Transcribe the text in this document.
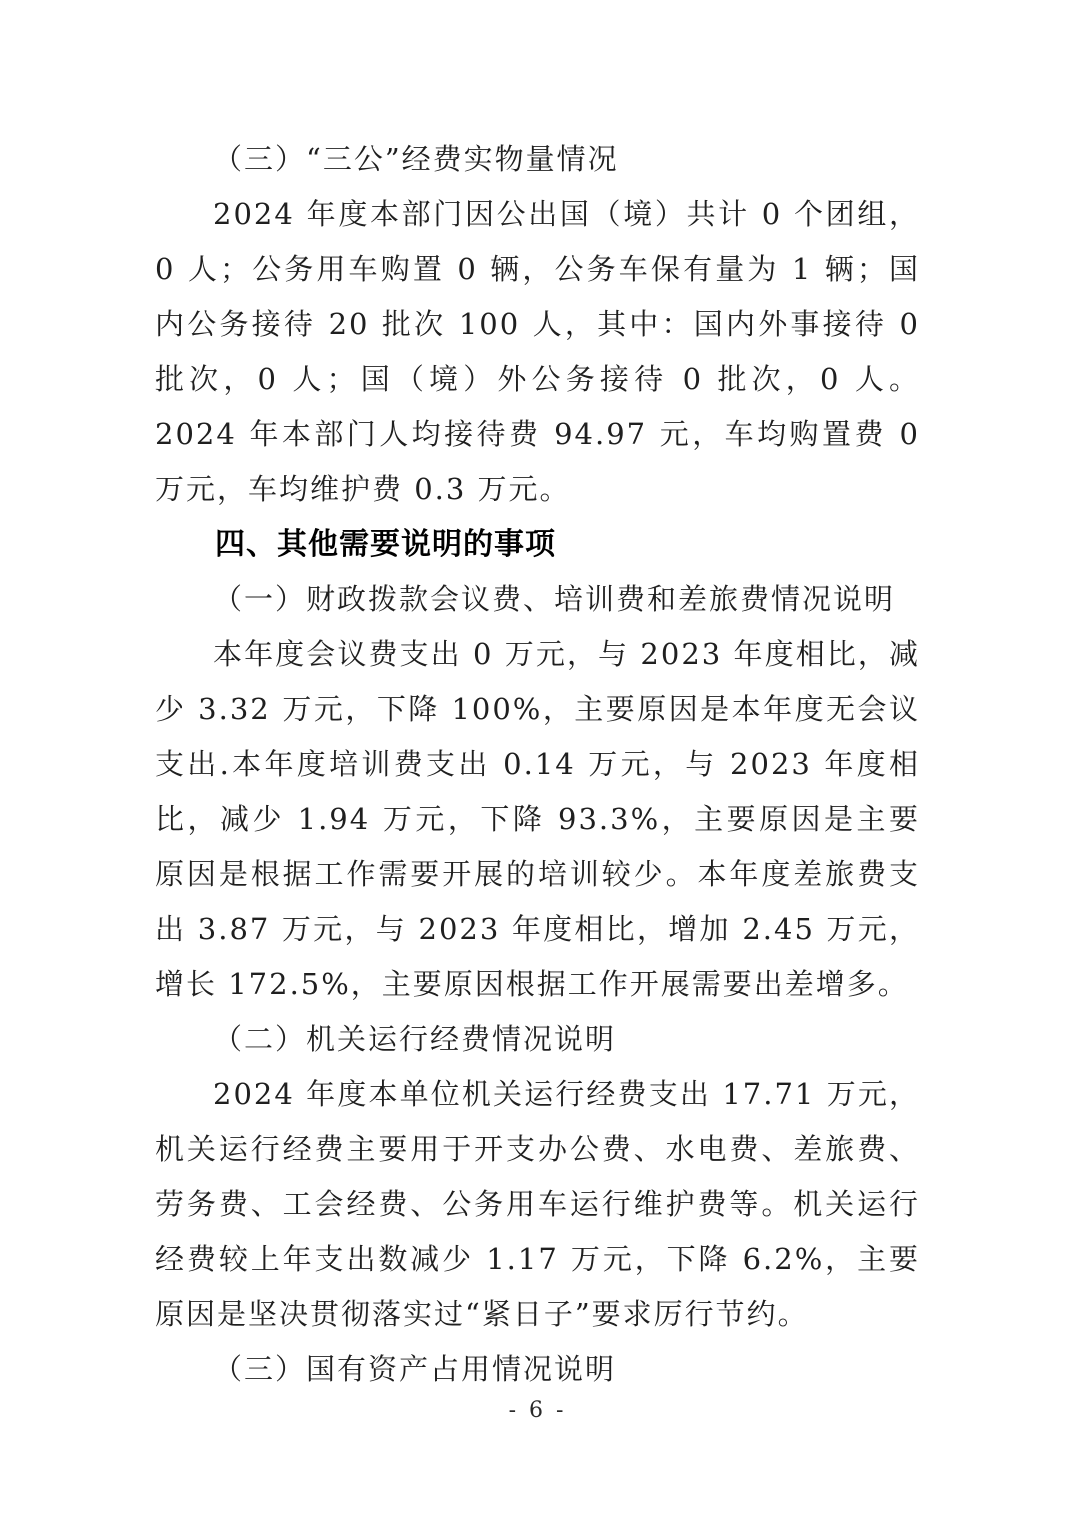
（三）“三公”经费实物量情况

2024 年度本部门因公出国（境）共计 0 个团组，0 人；公务用车购置 0 辆，公务车保有量为 1 辆；国内公务接待 20 批次 100 人，其中：国内外事接待 0 批次，0 人；国（境）外公务接待 0 批次，0 人。2024 年本部门人均接待费 94.97 元，车均购置费 0 万元，车均维护费 0.3 万元。

四、其他需要说明的事项

（一）财政拨款会议费、培训费和差旅费情况说明

本年度会议费支出 0 万元，与 2023 年度相比，减少 3.32 万元，下降 100%，主要原因是本年度无会议支出.本年度培训费支出 0.14 万元，与 2023 年度相比，减少 1.94 万元，下降 93.3%，主要原因是主要原因是根据工作需要开展的培训较少。本年度差旅费支出 3.87 万元，与 2023 年度相比，增加 2.45 万元，增长 172.5%，主要原因根据工作开展需要出差增多。

（二）机关运行经费情况说明

2024 年度本单位机关运行经费支出 17.71 万元，机关运行经费主要用于开支办公费、水电费、差旅费、劳务费、工会经费、公务用车运行维护费等。机关运行经费较上年支出数减少 1.17 万元，下降 6.2%，主要原因是坚决贯彻落实过“紧日子”要求厉行节约。

（三）国有资产占用情况说明

- 6 -
